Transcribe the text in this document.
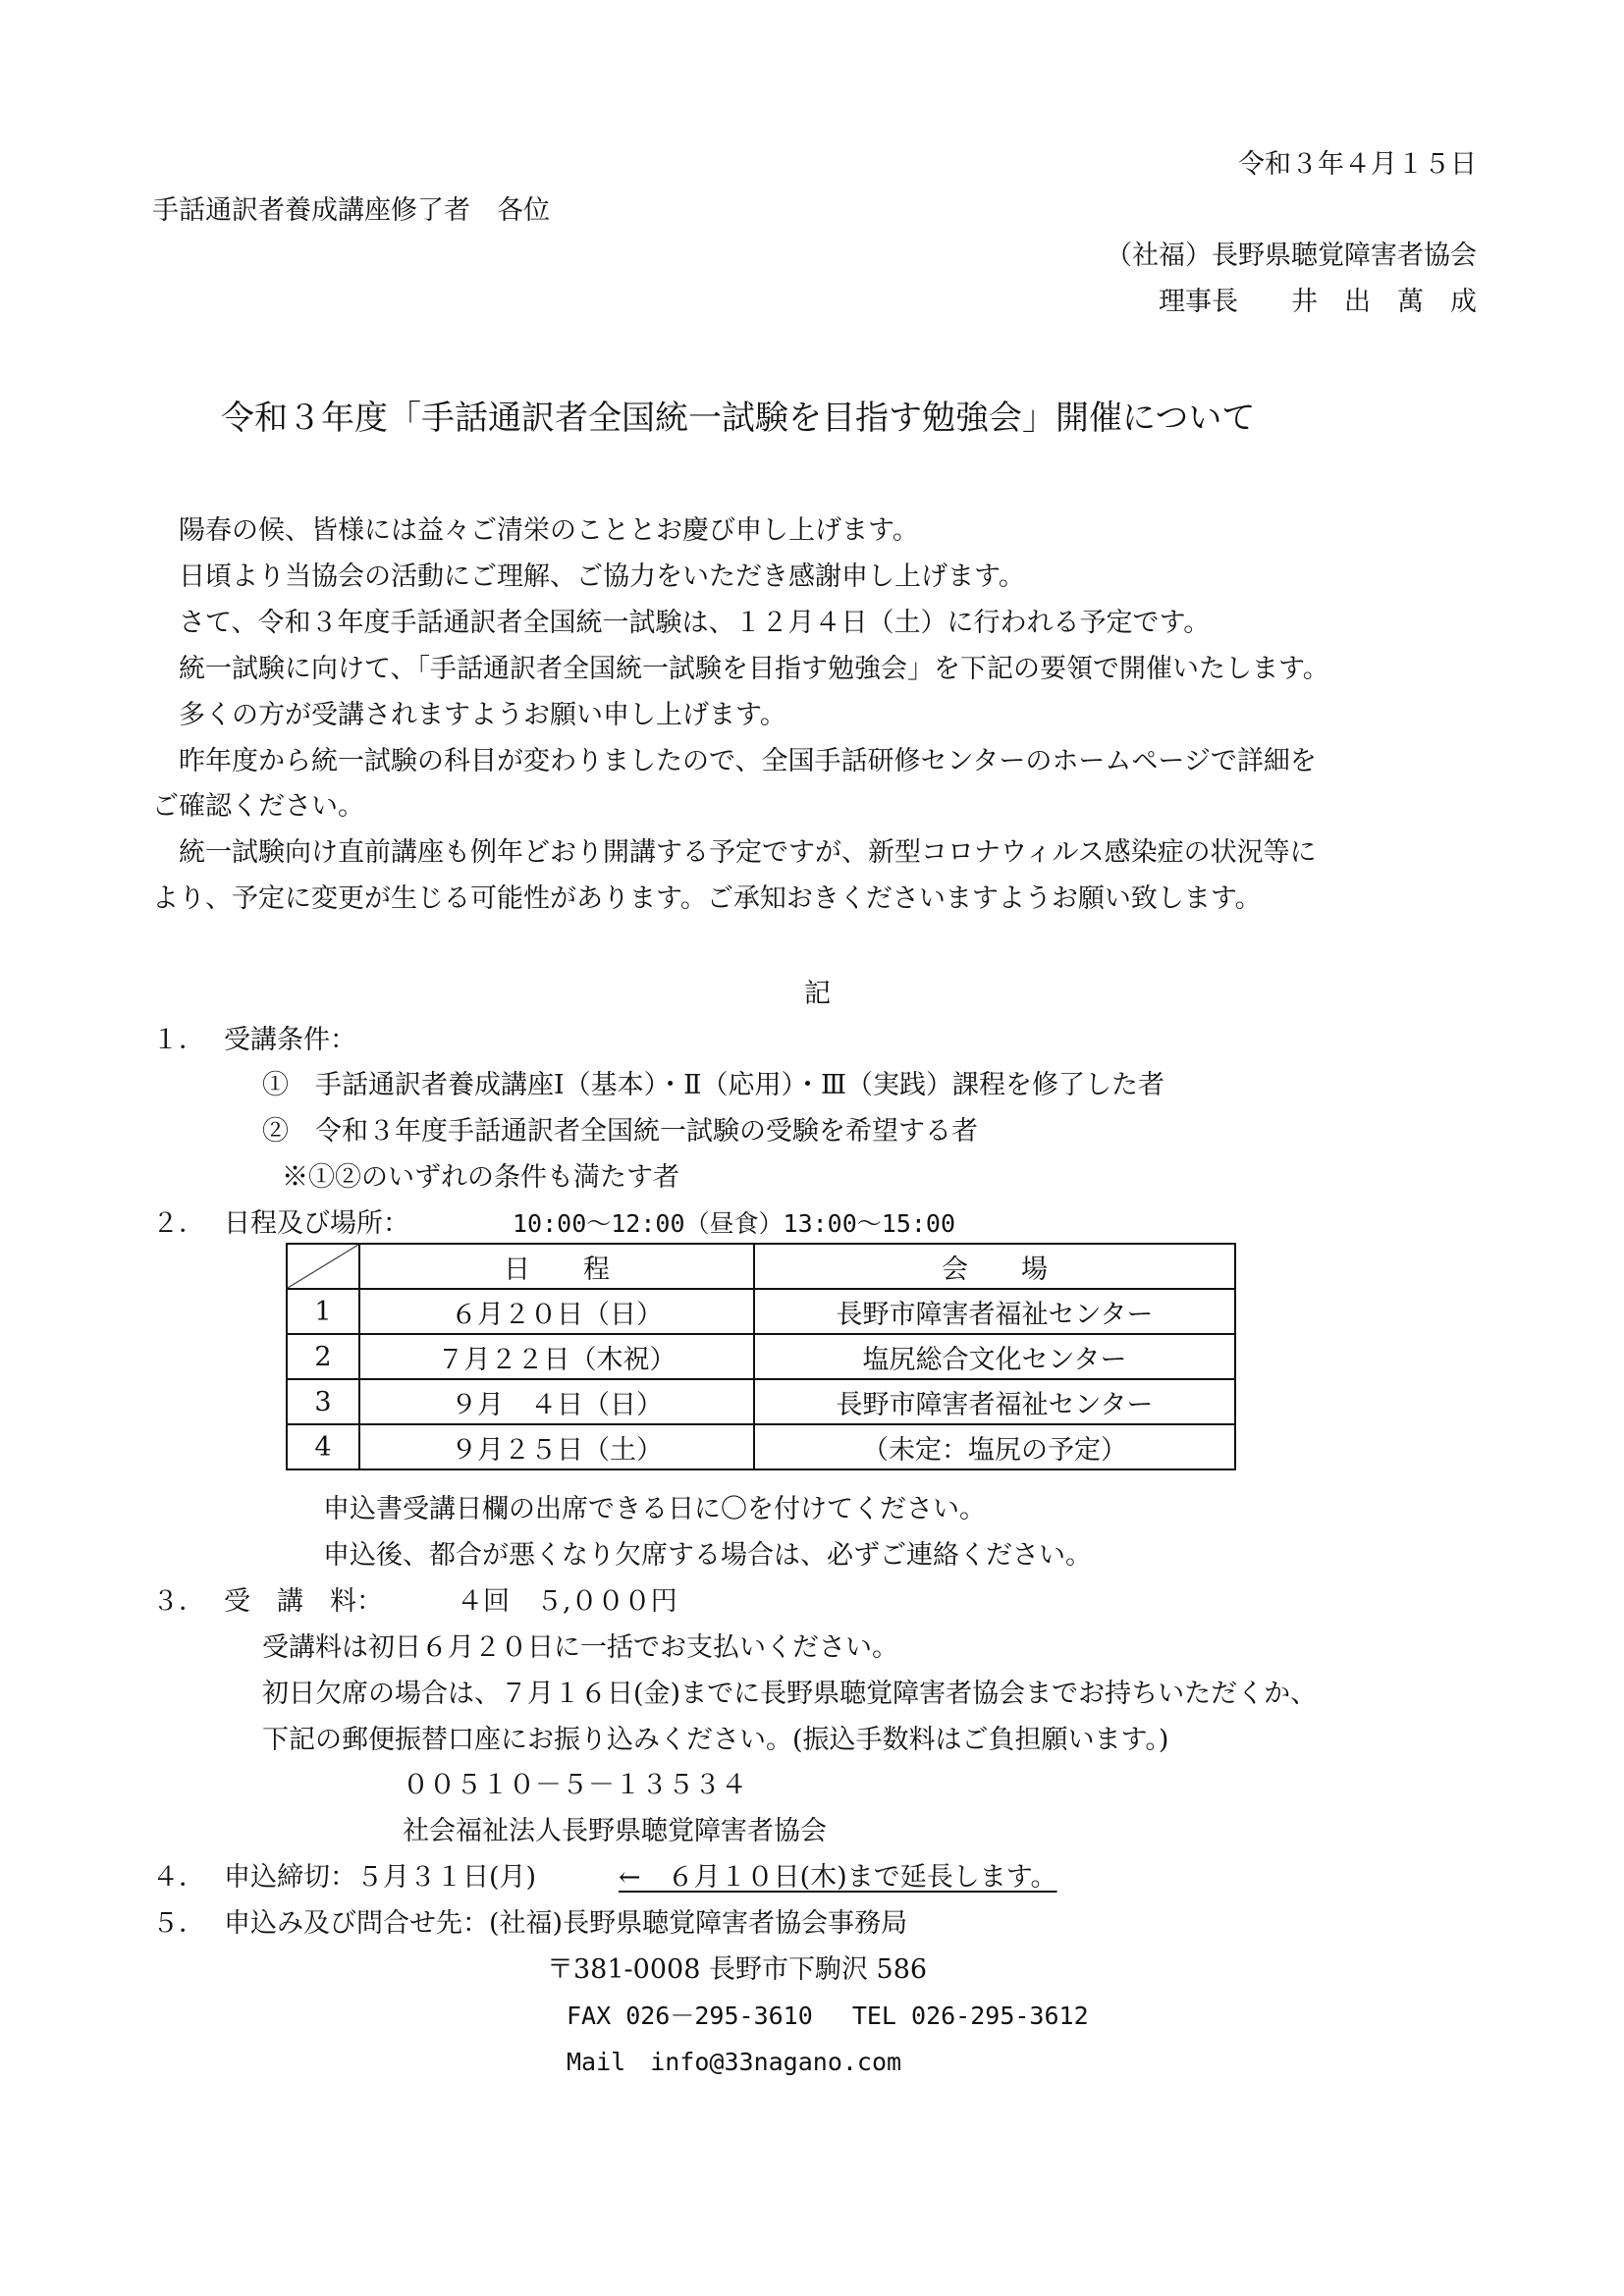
令和３年４月１５日
手話通訳者養成講座修了者　各位
（社福）長野県聴覚障害者協会
理事長　　井　出　萬　成
令和３年度「手話通訳者全国統一試験を目指す勉強会」開催について
陽春の候、皆様には益々ご清栄のこととお慶び申し上げます。
日頃より当協会の活動にご理解、ご協力をいただき感謝申し上げます。
さて、令和３年度手話通訳者全国統一試験は、１２月４日（土）に行われる予定です。
統一試験に向けて、「手話通訳者全国統一試験を目指す勉強会」を下記の要領で開催いたします。
多くの方が受講されますようお願い申し上げます。
昨年度から統一試験の科目が変わりましたので、全国手話研修センターのホームページで詳細を
ご確認ください。
統一試験向け直前講座も例年どおり開講する予定ですが、新型コロナウィルス感染症の状況等に
より、予定に変更が生じる可能性があります。ご承知おきくださいますようお願い致します。
記
１． 受講条件：
①　手話通訳者養成講座Ⅰ（基本）・Ⅱ（応用）・Ⅲ（実践）課程を修了した者
②　令和３年度手話通訳者全国統一試験の受験を希望する者
※①②のいずれの条件も満たす者
２． 日程及び場所：	10:00～12:00（昼食）13:00～15:00
	日　　程	会　　場
1	６月２０日（日）	長野市障害者福祉センター
2	７月２２日（木祝）	塩尻総合文化センター
3	９月　４日（日）	長野市障害者福祉センター
4	９月２５日（土）	（未定：塩尻の予定）
申込書受講日欄の出席できる日に〇を付けてください。
申込後、都合が悪くなり欠席する場合は、必ずご連絡ください。
３． 受　講　料：	４回　５,０００円
受講料は初日６月２０日に一括でお支払いください。
初日欠席の場合は、７月１６日(金)までに長野県聴覚障害者協会までお持ちいただくか、
下記の郵便振替口座にお振り込みください。(振込手数料はご負担願います。)
００５１０－５－１３５３４
社会福祉法人長野県聴覚障害者協会
４． 申込締切：５月３１日(月)	←　６月１０日(木)まで延長します。
５． 申込み及び問合せ先：(社福)長野県聴覚障害者協会事務局
〒381-0008 長野市下駒沢 586
FAX 026－295-3610　 TEL 026-295-3612
Mail　info@33nagano.com
